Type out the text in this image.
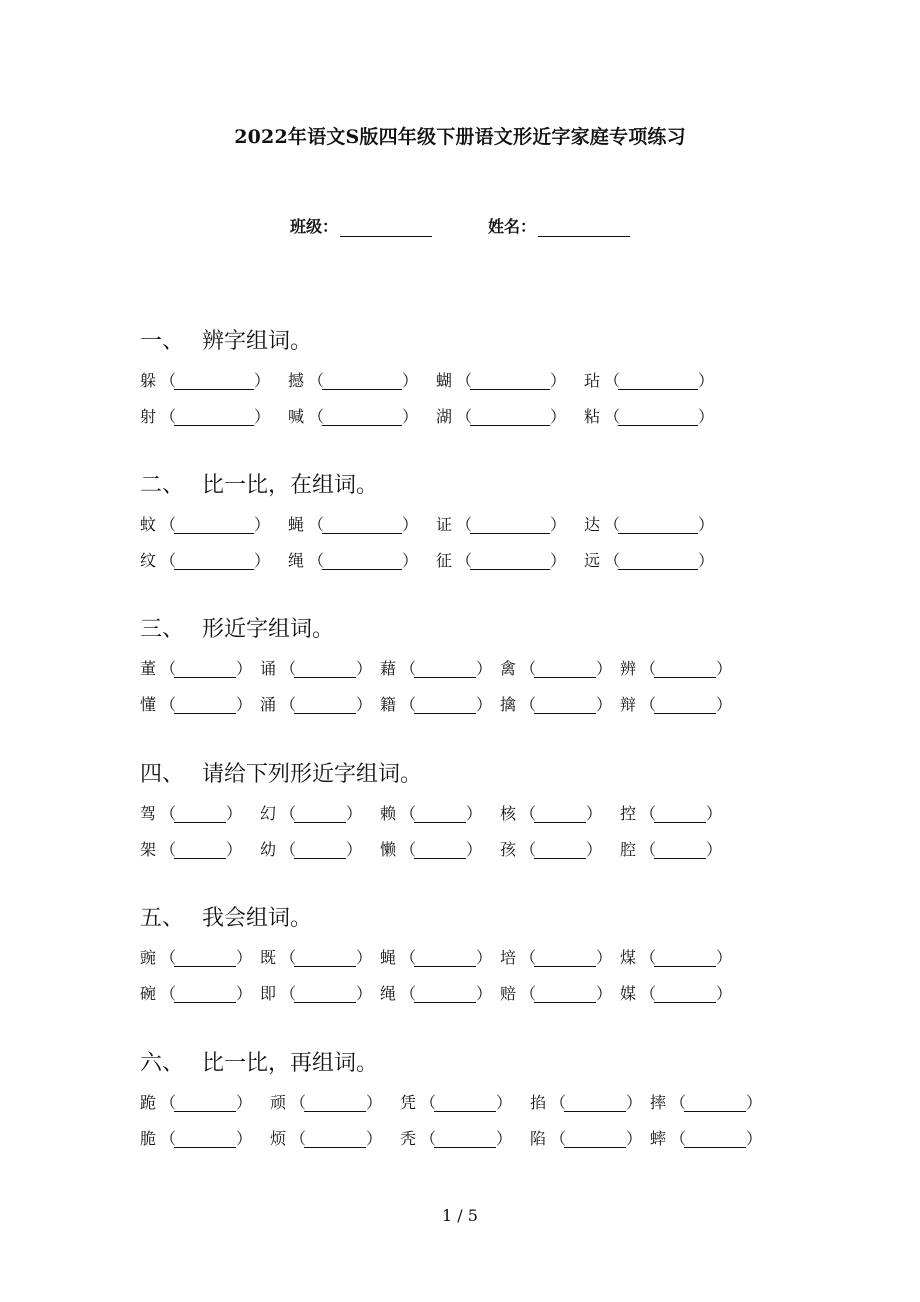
2022年语文S版四年级下册语文形近字家庭专项练习
班级：	姓名：
一、 辨字组词。
躲 （	） 撼 （	） 蝴 （	） 玷 （	）
射 （	） 喊 （	） 湖 （	） 粘 （	）
二、 比一比，在组词。
蚊 （	） 蝇 （	） 证 （	） 达 （	）
纹 （	） 绳 （	） 征 （	） 远 （	）
三、 形近字组词。
董 （	） 诵 （	） 藉 （	） 禽 （	） 辨 （	）
懂 （	） 涌 （	） 籍 （	） 擒 （	） 辩 （	）
四、 请给下列形近字组词。
驾 （	） 幻 （	） 赖 （	） 核 （	） 控 （	）
架 （	） 幼 （	） 懒 （	） 孩 （	） 腔 （	）
五、 我会组词。
豌 （	） 既 （	） 蝇 （	） 培 （	） 煤 （	）
碗 （	） 即 （	） 绳 （	） 赔 （	） 媒 （	）
六、 比一比，再组词。
跪 （	） 顽 （	） 凭 （	） 掐 （	） 摔 （	）
脆 （	） 烦 （	） 秃 （	） 陷 （	） 蟀 （	）
1 / 5
